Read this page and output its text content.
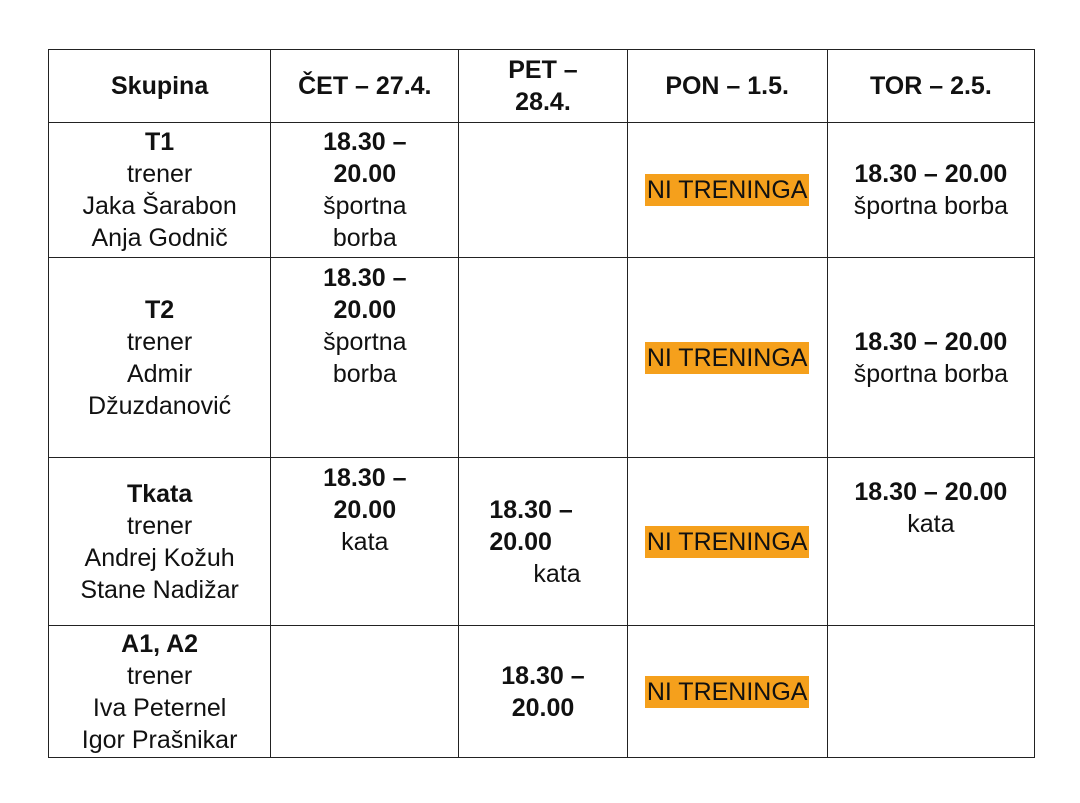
Skupina	ČET – 27.4.	PET –
28.4.	PON – 1.5.	TOR – 2.5.

T1
trener
Jaka Šarabon
Anja Godnič	18.30 –
20.00
športna
borba		NI TRENINGA	18.30 – 20.00
športna borba

T2
trener
Admir
Džuzdanović	18.30 –
20.00
športna
borba		NI TRENINGA	18.30 – 20.00
športna borba

Tkata
trener
Andrej Kožuh
Stane Nadižar	18.30 –
20.00
kata	18.30 –
20.00
kata	NI TRENINGA	18.30 – 20.00
kata

A1, A2
trener
Iva Peternel
Igor Prašnikar		18.30 –
20.00	NI TRENINGA	
